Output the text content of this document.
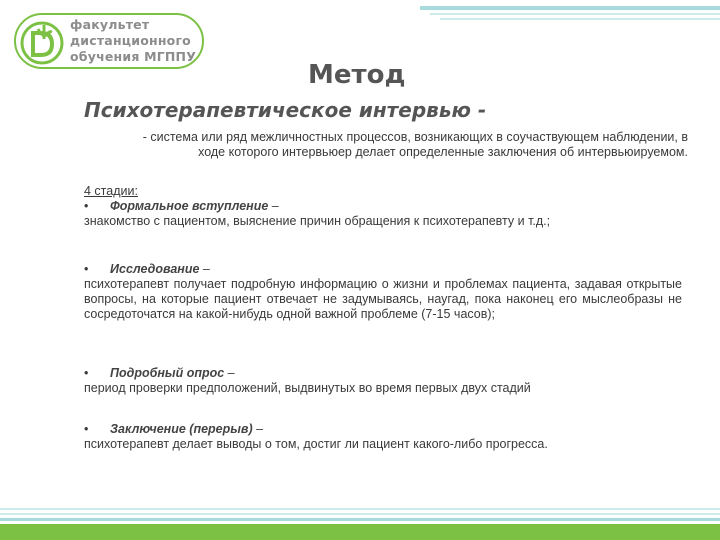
факультет
дистанционного
обучения МГППУ
Метод
Психотерапевтическое интервью -
- система или ряд межличностных процессов, возникающих в соучаствующем наблюдении, в ходе которого интервьюер делает определенные заключения об интервьюируемом.
4 стадии:
• Формальное вступление –
знакомство с пациентом, выяснение причин обращения к психотерапевту и т.д.;
• Исследование –
психотерапевт получает подробную информацию о жизни и проблемах пациента, задавая открытые вопросы, на которые пациент отвечает не задумываясь, наугад, пока наконец его мыслеобразы не сосредоточатся на какой-нибудь одной важной проблеме (7-15 часов);
• Подробный опрос –
период проверки предположений, выдвинутых во время первых двух стадий
• Заключение (перерыв) –
психотерапевт делает выводы о том, достиг ли пациент какого-либо прогресса.
